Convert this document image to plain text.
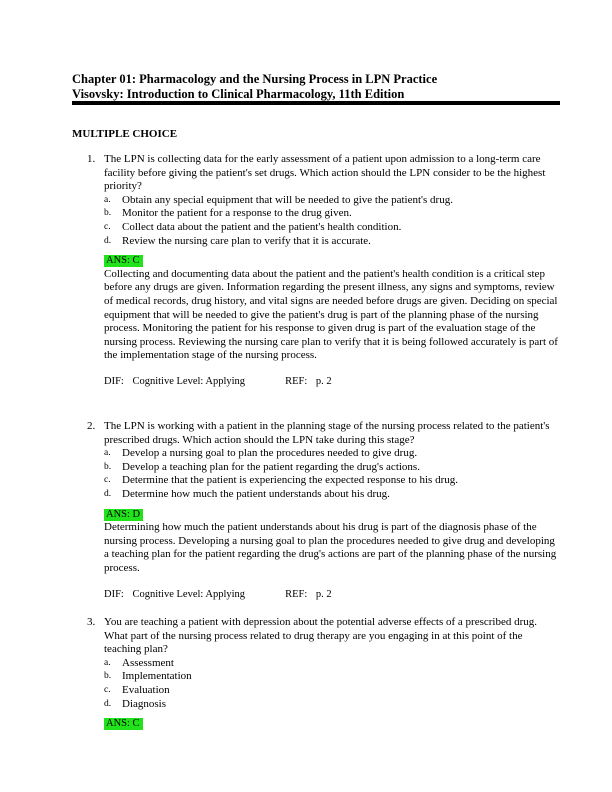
Chapter 01: Pharmacology and the Nursing Process in LPN Practice
Visovsky: Introduction to Clinical Pharmacology, 11th Edition
MULTIPLE CHOICE
1. The LPN is collecting data for the early assessment of a patient upon admission to a long-term care facility before giving the patient's set drugs. Which action should the LPN consider to be the highest priority?
a. Obtain any special equipment that will be needed to give the patient's drug.
b. Monitor the patient for a response to the drug given.
c. Collect data about the patient and the patient's health condition.
d. Review the nursing care plan to verify that it is accurate.
ANS: C
Collecting and documenting data about the patient and the patient's health condition is a critical step before any drugs are given. Information regarding the present illness, any signs and symptoms, review of medical records, drug history, and vital signs are needed before drugs are given. Deciding on special equipment that will be needed to give the patient's drug is part of the planning phase of the nursing process. Monitoring the patient for his response to given drug is part of the evaluation stage of the nursing process. Reviewing the nursing care plan to verify that it is being followed accurately is part of the implementation stage of the nursing process.
DIF: Cognitive Level: Applying	REF: p. 2
2. The LPN is working with a patient in the planning stage of the nursing process related to the patient's prescribed drugs. Which action should the LPN take during this stage?
a. Develop a nursing goal to plan the procedures needed to give drug.
b. Develop a teaching plan for the patient regarding the drug's actions.
c. Determine that the patient is experiencing the expected response to his drug.
d. Determine how much the patient understands about his drug.
ANS: D
Determining how much the patient understands about his drug is part of the diagnosis phase of the nursing process. Developing a nursing goal to plan the procedures needed to give drug and developing a teaching plan for the patient regarding the drug's actions are part of the planning phase of the nursing process.
DIF: Cognitive Level: Applying	REF: p. 2
3. You are teaching a patient with depression about the potential adverse effects of a prescribed drug. What part of the nursing process related to drug therapy are you engaging in at this point of the teaching plan?
a. Assessment
b. Implementation
c. Evaluation
d. Diagnosis
ANS: C
